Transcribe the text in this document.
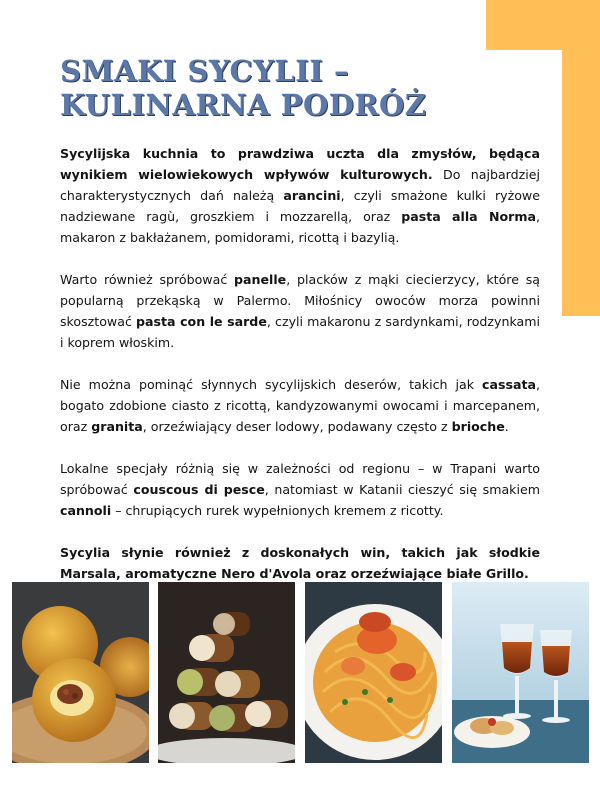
SMAKI SYCYLII –
KULINARNA PODRÓŻ

Sycylijska kuchnia to prawdziwa uczta dla zmysłów, będąca wynikiem wielowiekowych wpływów kulturowych. Do najbardziej charakterystycznych dań należą arancini, czyli smażone kulki ryżowe nadziewane ragù, groszkiem i mozzarellą, oraz pasta alla Norma, makaron z bakłażanem, pomidorami, ricottą i bazylią.

Warto również spróbować panelle, placków z mąki ciecierzycy, które są popularną przekąską w Palermo. Miłośnicy owoców morza powinni skosztować pasta con le sarde, czyli makaronu z sardynkami, rodzynkami i koprem włoskim.

Nie można pominąć słynnych sycylijskich deserów, takich jak cassata, bogato zdobione ciasto z ricottą, kandyzowanymi owocami i marcepanem, oraz granita, orzeźwiający deser lodowy, podawany często z brioche.

Lokalne specjały różnią się w zależności od regionu – w Trapani warto spróbować couscous di pesce, natomiast w Katanii cieszyć się smakiem cannoli – chrupiących rurek wypełnionych kremem z ricotty.

Sycylia słynie również z doskonałych win, takich jak słodkie Marsala, aromatyczne Nero d'Avola oraz orzeźwiające białe Grillo.
